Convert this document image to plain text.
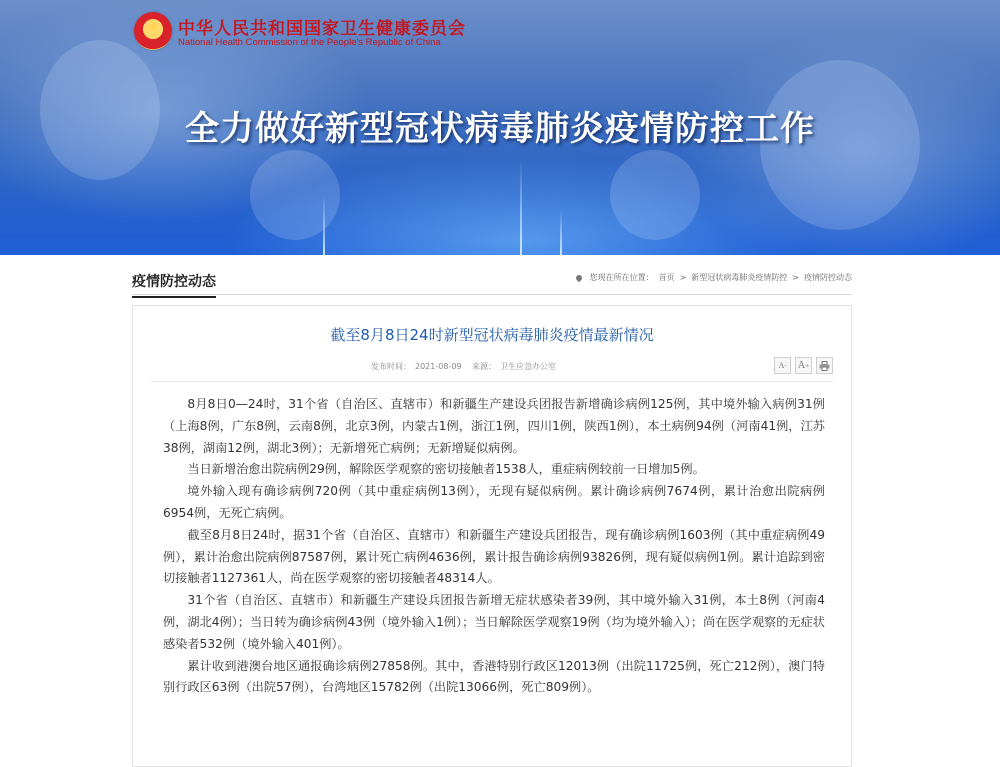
★	中华人民共和国国家卫生健康委员会
National Health Commission of the People's Republic of China
全力做好新型冠状病毒肺炎疫情防控工作
疫情防控动态	您现在所在位置： 首页 > 新型冠状病毒肺炎疫情防控 > 疫情防控动态
截至8月8日24时新型冠状病毒肺炎疫情最新情况
发布时间： 2021-08-09 来源： 卫生应急办公室	A - A +

8月8日0—24时，31个省（自治区、直辖市）和新疆生产建设兵团报告新增确诊病例125例，其中境外输入病例31例（上海8例，广东8例，云南8例，北京3例，内蒙古1例，浙江1例，四川1例，陕西1例），本土病例94例（河南41例，江苏38例，湖南12例，湖北3例）；无新增死亡病例；无新增疑似病例。

当日新增治愈出院病例29例，解除医学观察的密切接触者1538人，重症病例较前一日增加5例。

境外输入现有确诊病例720例（其中重症病例13例），无现有疑似病例。累计确诊病例7674例，累计治愈出院病例6954例，无死亡病例。

截至8月8日24时，据31个省（自治区、直辖市）和新疆生产建设兵团报告，现有确诊病例1603例（其中重症病例49例），累计治愈出院病例87587例，累计死亡病例4636例，累计报告确诊病例93826例，现有疑似病例1例。累计追踪到密切接触者1127361人，尚在医学观察的密切接触者48314人。

31个省（自治区、直辖市）和新疆生产建设兵团报告新增无症状感染者39例，其中境外输入31例，本土8例（河南4例，湖北4例）；当日转为确诊病例43例（境外输入1例）；当日解除医学观察19例（均为境外输入）；尚在医学观察的无症状感染者532例（境外输入401例）。

累计收到港澳台地区通报确诊病例27858例。其中，香港特别行政区12013例（出院11725例，死亡212例），澳门特别行政区63例（出院57例），台湾地区15782例（出院13066例，死亡809例）。
